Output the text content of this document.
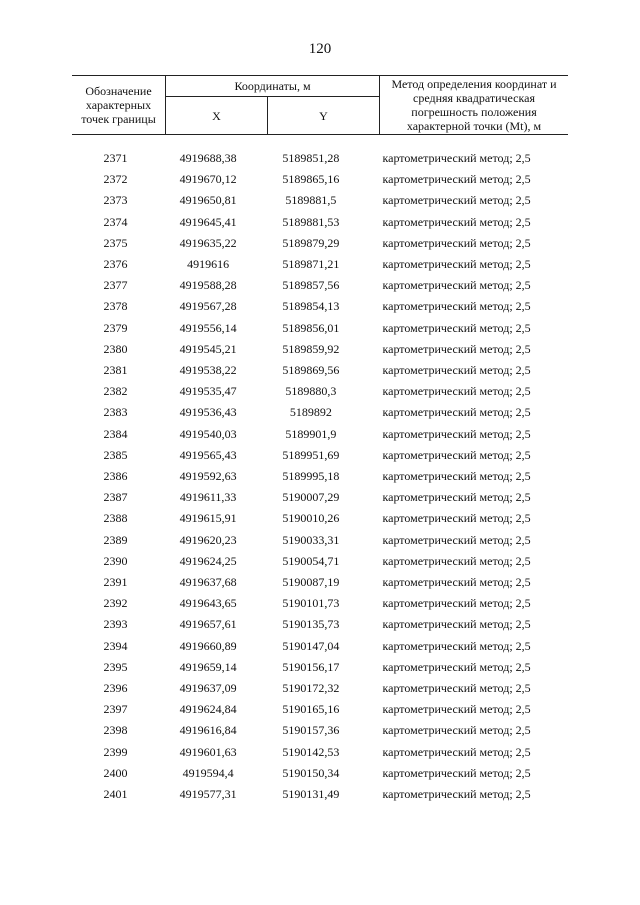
120
Обозначение характерных точек границы
Координаты, м
X	Y
Метод определения координат и средняя квадратическая погрешность положения характерной точки (Mt), м
2371	4919688,38	5189851,28	картометрический метод; 2,5
2372	4919670,12	5189865,16	картометрический метод; 2,5
2373	4919650,81	5189881,5	картометрический метод; 2,5
2374	4919645,41	5189881,53	картометрический метод; 2,5
2375	4919635,22	5189879,29	картометрический метод; 2,5
2376	4919616	5189871,21	картометрический метод; 2,5
2377	4919588,28	5189857,56	картометрический метод; 2,5
2378	4919567,28	5189854,13	картометрический метод; 2,5
2379	4919556,14	5189856,01	картометрический метод; 2,5
2380	4919545,21	5189859,92	картометрический метод; 2,5
2381	4919538,22	5189869,56	картометрический метод; 2,5
2382	4919535,47	5189880,3	картометрический метод; 2,5
2383	4919536,43	5189892	картометрический метод; 2,5
2384	4919540,03	5189901,9	картометрический метод; 2,5
2385	4919565,43	5189951,69	картометрический метод; 2,5
2386	4919592,63	5189995,18	картометрический метод; 2,5
2387	4919611,33	5190007,29	картометрический метод; 2,5
2388	4919615,91	5190010,26	картометрический метод; 2,5
2389	4919620,23	5190033,31	картометрический метод; 2,5
2390	4919624,25	5190054,71	картометрический метод; 2,5
2391	4919637,68	5190087,19	картометрический метод; 2,5
2392	4919643,65	5190101,73	картометрический метод; 2,5
2393	4919657,61	5190135,73	картометрический метод; 2,5
2394	4919660,89	5190147,04	картометрический метод; 2,5
2395	4919659,14	5190156,17	картометрический метод; 2,5
2396	4919637,09	5190172,32	картометрический метод; 2,5
2397	4919624,84	5190165,16	картометрический метод; 2,5
2398	4919616,84	5190157,36	картометрический метод; 2,5
2399	4919601,63	5190142,53	картометрический метод; 2,5
2400	4919594,4	5190150,34	картометрический метод; 2,5
2401	4919577,31	5190131,49	картометрический метод; 2,5
